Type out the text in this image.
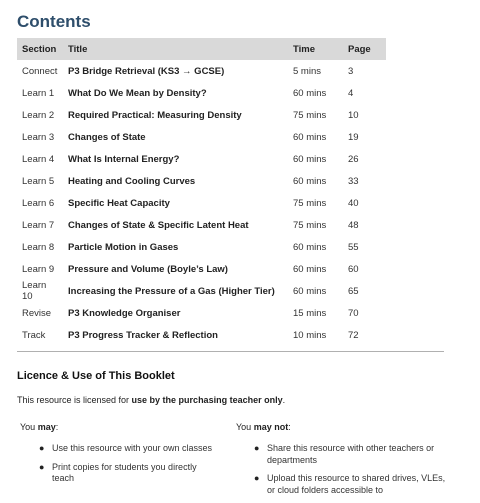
Contents
Section	Title	Time	Page
Connect	P3 Bridge Retrieval (KS3 → GCSE)	5 mins	3
Learn 1	What Do We Mean by Density?	60 mins	4
Learn 2	Required Practical: Measuring Density	75 mins	10
Learn 3	Changes of State	60 mins	19
Learn 4	What Is Internal Energy?	60 mins	26
Learn 5	Heating and Cooling Curves	60 mins	33
Learn 6	Specific Heat Capacity	75 mins	40
Learn 7	Changes of State & Specific Latent Heat	75 mins	48
Learn 8	Particle Motion in Gases	60 mins	55
Learn 9	Pressure and Volume (Boyle’s Law)	60 mins	60
Learn 10	Increasing the Pressure of a Gas (Higher Tier)	60 mins	65
Revise	P3 Knowledge Organiser	15 mins	70
Track	P3 Progress Tracker & Reflection	10 mins	72
Licence & Use of This Booklet

This resource is licensed for use by the purchasing teacher only.

You may:

● Use this resource with your own classes
● Print copies for students you directly teach

You may not:

● Share this resource with other teachers or departments
● Upload this resource to shared drives, VLEs, or cloud folders accessible to
